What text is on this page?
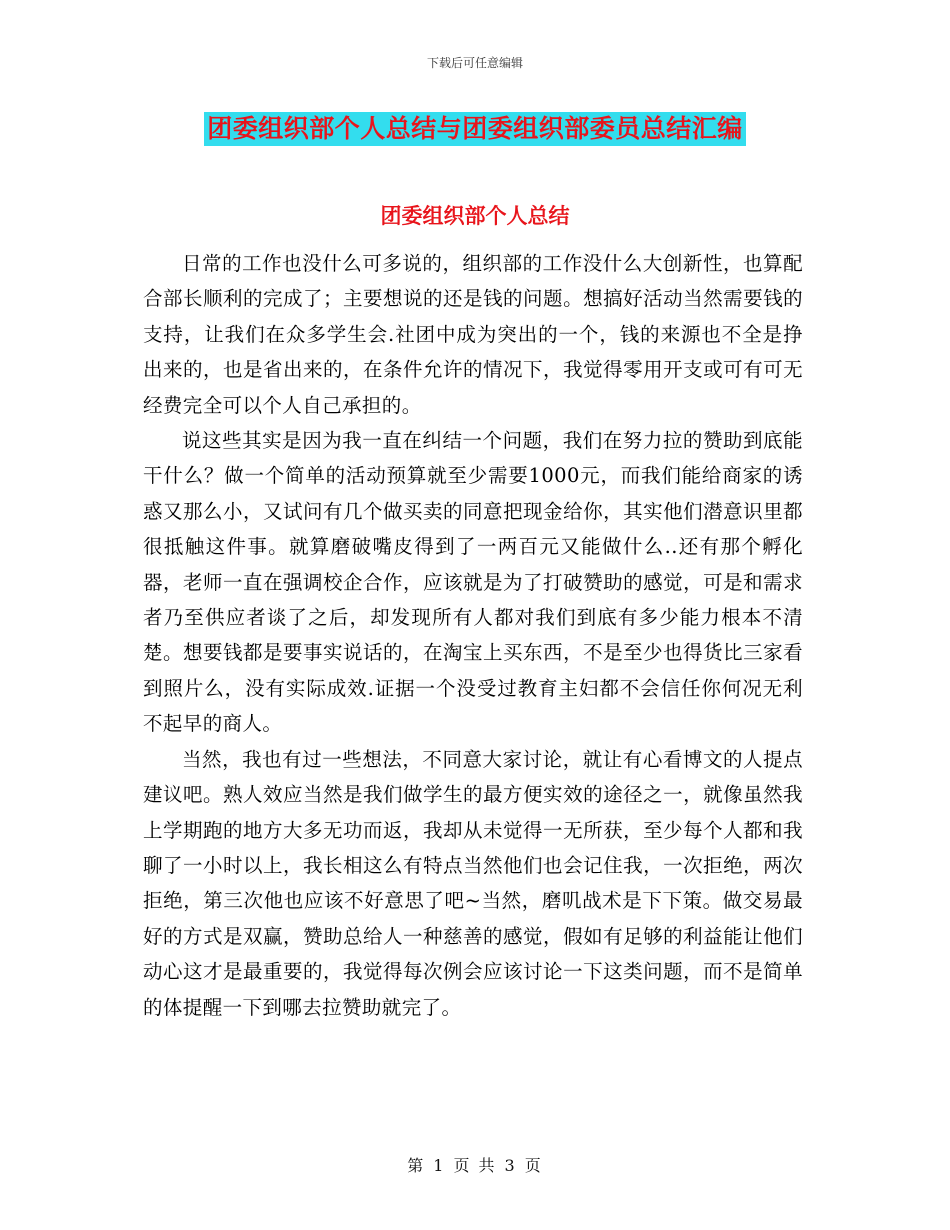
下载后可任意编辑
团委组织部个人总结与团委组织部委员总结汇编
团委组织部个人总结

日常的工作也没什么可多说的，组织部的工作没什么大创新性，也算配合部长顺利的完成了；主要想说的还是钱的问题。想搞好活动当然需要钱的支持，让我们在众多学生会.社团中成为突出的一个，钱的来源也不全是挣出来的，也是省出来的，在条件允许的情况下，我觉得零用开支或可有可无经费完全可以个人自己承担的。

说这些其实是因为我一直在纠结一个问题，我们在努力拉的赞助到底能干什么？做一个简单的活动预算就至少需要1000元，而我们能给商家的诱惑又那么小，又试问有几个做买卖的同意把现金给你，其实他们潜意识里都很抵触这件事。就算磨破嘴皮得到了一两百元又能做什么..还有那个孵化器，老师一直在强调校企合作，应该就是为了打破赞助的感觉，可是和需求者乃至供应者谈了之后，却发现所有人都对我们到底有多少能力根本不清楚。想要钱都是要事实说话的，在淘宝上买东西，不是至少也得货比三家看到照片么，没有实际成效.证据一个没受过教育主妇都不会信任你何况无利不起早的商人。

当然，我也有过一些想法，不同意大家讨论，就让有心看博文的人提点建议吧。熟人效应当然是我们做学生的最方便实效的途径之一，就像虽然我上学期跑的地方大多无功而返，我却从未觉得一无所获，至少每个人都和我聊了一小时以上，我长相这么有特点当然他们也会记住我，一次拒绝，两次拒绝，第三次他也应该不好意思了吧~当然，磨叽战术是下下策。做交易最好的方式是双赢，赞助总给人一种慈善的感觉，假如有足够的利益能让他们动心这才是最重要的，我觉得每次例会应该讨论一下这类问题，而不是简单的体提醒一下到哪去拉赞助就完了。

第 1 页 共 3 页
